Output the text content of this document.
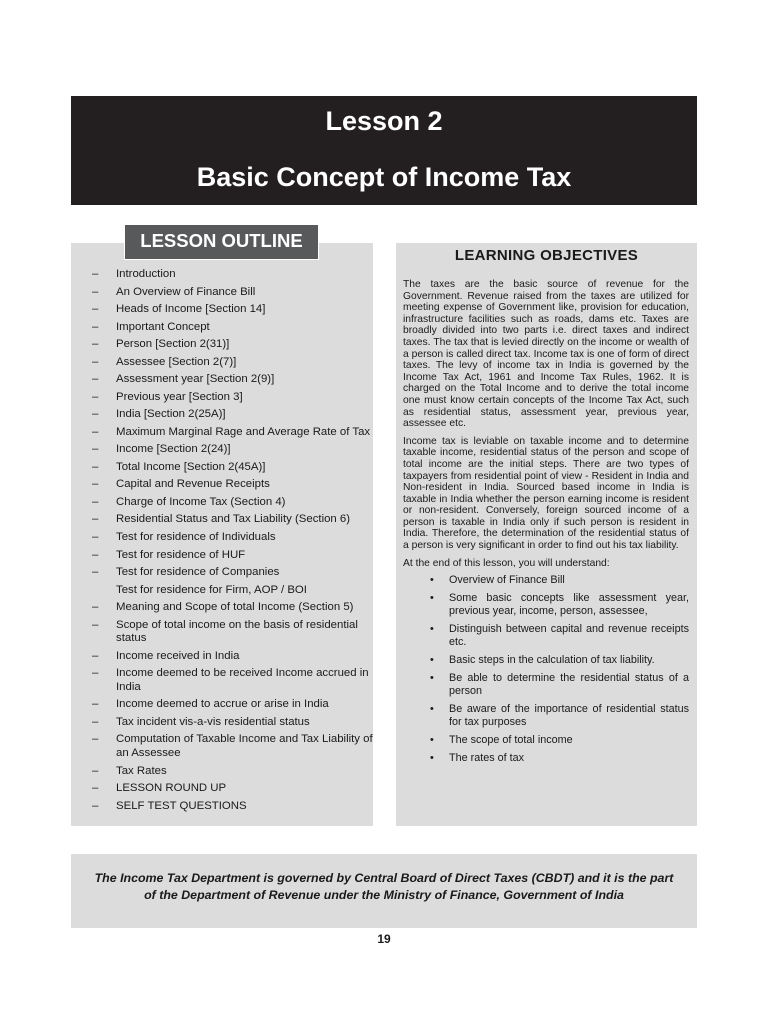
Lesson 2
Basic Concept of Income Tax
LESSON OUTLINE
– Introduction
– An Overview of Finance Bill
– Heads of Income [Section 14]
– Important Concept
– Person [Section 2(31)]
– Assessee [Section 2(7)]
– Assessment year [Section 2(9)]
– Previous year [Section 3]
– India [Section 2(25A)]
– Maximum Marginal Rage and Average Rate of Tax
– Income [Section 2(24)]
– Total Income [Section 2(45A)]
– Capital and Revenue Receipts
– Charge of Income Tax (Section 4)
– Residential Status and Tax Liability (Section 6)
– Test for residence of Individuals
– Test for residence of HUF
– Test for residence of Companies
Test for residence for Firm, AOP / BOI
– Meaning and Scope of total Income (Section 5)
– Scope of total income on the basis of residential status
– Income received in India
– Income deemed to be received Income accrued in India
– Income deemed to accrue or arise in India
– Tax incident vis-a-vis residential status
– Computation of Taxable Income and Tax Liability of an Assessee
– Tax Rates
– LESSON ROUND UP
– SELF TEST QUESTIONS
LEARNING OBJECTIVES

The taxes are the basic source of revenue for the Government. Revenue raised from the taxes are utilized for meeting expense of Government like, provision for education, infrastructure facilities such as roads, dams etc. Taxes are broadly divided into two parts i.e. direct taxes and indirect taxes. The tax that is levied directly on the income or wealth of a person is called direct tax. Income tax is one of form of direct taxes. The levy of income tax in India is governed by the Income Tax Act, 1961 and Income Tax Rules, 1962. It is charged on the Total Income and to derive the total income one must know certain concepts of the Income Tax Act, such as residential status, assessment year, previous year, assessee etc.

Income tax is leviable on taxable income and to determine taxable income, residential status of the person and scope of total income are the initial steps. There are two types of taxpayers from residential point of view - Resident in India and Non-resident in India. Sourced based income in India is taxable in India whether the person earning income is resident or non-resident. Conversely, foreign sourced income of a person is taxable in India only if such person is resident in India. Therefore, the determination of the residential status of a person is very significant in order to find out his tax liability.

At the end of this lesson, you will understand:

• Overview of Finance Bill
• Some basic concepts like assessment year, previous year, income, person, assessee,
• Distinguish between capital and revenue receipts etc.
• Basic steps in the calculation of tax liability.
• Be able to determine the residential status of a person
• Be aware of the importance of residential status for tax purposes
• The scope of total income
• The rates of tax
The Income Tax Department is governed by Central Board of Direct Taxes (CBDT) and it is the part of the Department of Revenue under the Ministry of Finance, Government of India
19
